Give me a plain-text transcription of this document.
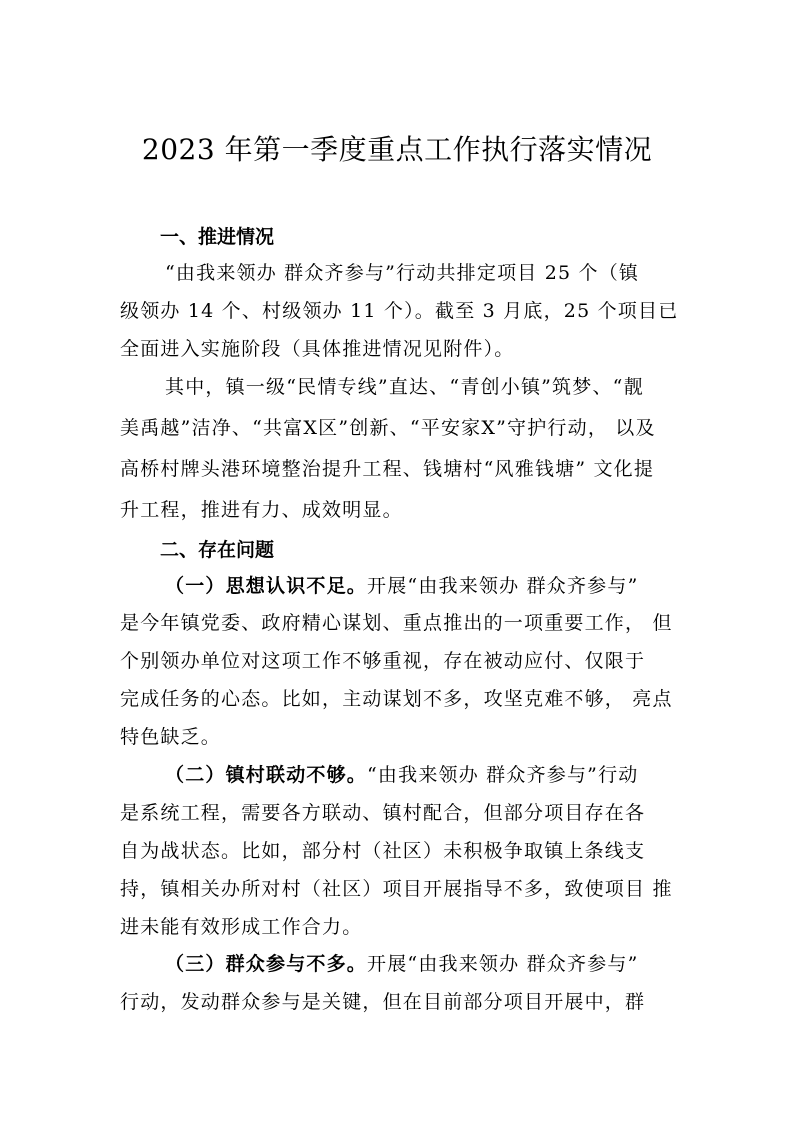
2023 年第一季度重点工作执行落实情况
一、推进情况
“由我来领办 群众齐参与”行动共排定项目 25 个（镇
级领办 14 个、村级领办 11 个）。截至 3 月底，25 个项目已
全面进入实施阶段（具体推进情况见附件）。
其中，镇一级“民情专线”直达、“青创小镇”筑梦、“靓
美禹越”洁净、“共富X区”创新、“平安家X”守护行动， 以及
高桥村牌头港环境整治提升工程、钱塘村“风雅钱塘” 文化提
升工程，推进有力、成效明显。
二、存在问题
（一）思想认识不足。开展“由我来领办 群众齐参与”
是今年镇党委、政府精心谋划、重点推出的一项重要工作， 但
个别领办单位对这项工作不够重视，存在被动应付、仅限于
完成任务的心态。比如，主动谋划不多，攻坚克难不够， 亮点
特色缺乏。
（二）镇村联动不够。“由我来领办 群众齐参与”行动
是系统工程，需要各方联动、镇村配合，但部分项目存在各
自为战状态。比如，部分村（社区）未积极争取镇上条线支
持，镇相关办所对村（社区）项目开展指导不多，致使项目 推
进未能有效形成工作合力。
（三）群众参与不多。开展“由我来领办 群众齐参与”
行动，发动群众参与是关键，但在目前部分项目开展中，群
